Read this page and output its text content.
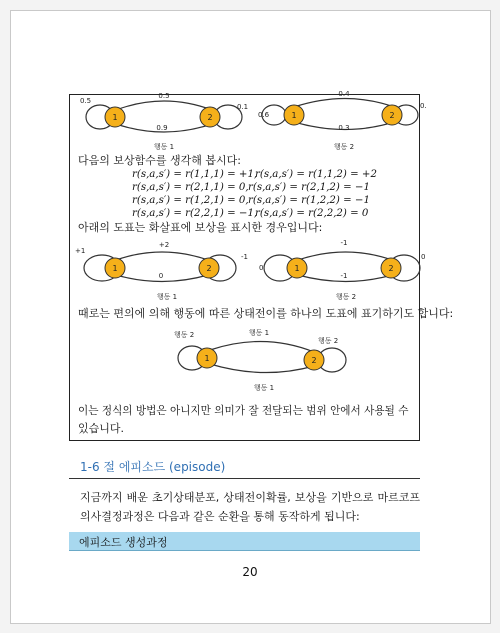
1	2
0.5
0.9
0.5
0.1
행동 1
1	2
0.4
0.3
0.6
0.
행동 2
다음의 보상함수를 생각해 봅시다:
r(s,a,s′) = r(1,1,1) = +1,
r(s,a,s′) = r(1,1,2) = +2
r(s,a,s′) = r(2,1,1) = 0, r(s,a,s′) = r(2,1,2) = −1
r(s,a,s′) = r(1,2,1) = 0, r(s,a,s′) = r(1,2,2) = −1
r(s,a,s′) = r(2,2,1) = −1,
r(s,a,s′) = r(2,2,2) = 0
아래의 도표는 화살표에 보상을 표시한 경우입니다:
1	2
+2
0
+1
-1
행동 1
1	2
-1
-1
0
0
행동 2
때로는 편의에 의해 행동에 따른 상태전이를 하나의 도표에 표기하기도 합니다:
1	2
행동 1
행동 2
행동 2
행동 1
이는 정식의 방법은 아니지만 의미가 잘 전달되는 범위 안에서 사용될 수
있습니다.
1-6 절 에피소드 (episode)
지금까지 배운 초기상태분포, 상태전이확률, 보상을 기반으로 마르코프
의사결정과정은 다음과 같은 순환을 통해 동작하게 됩니다:
에피소드 생성과정
20
